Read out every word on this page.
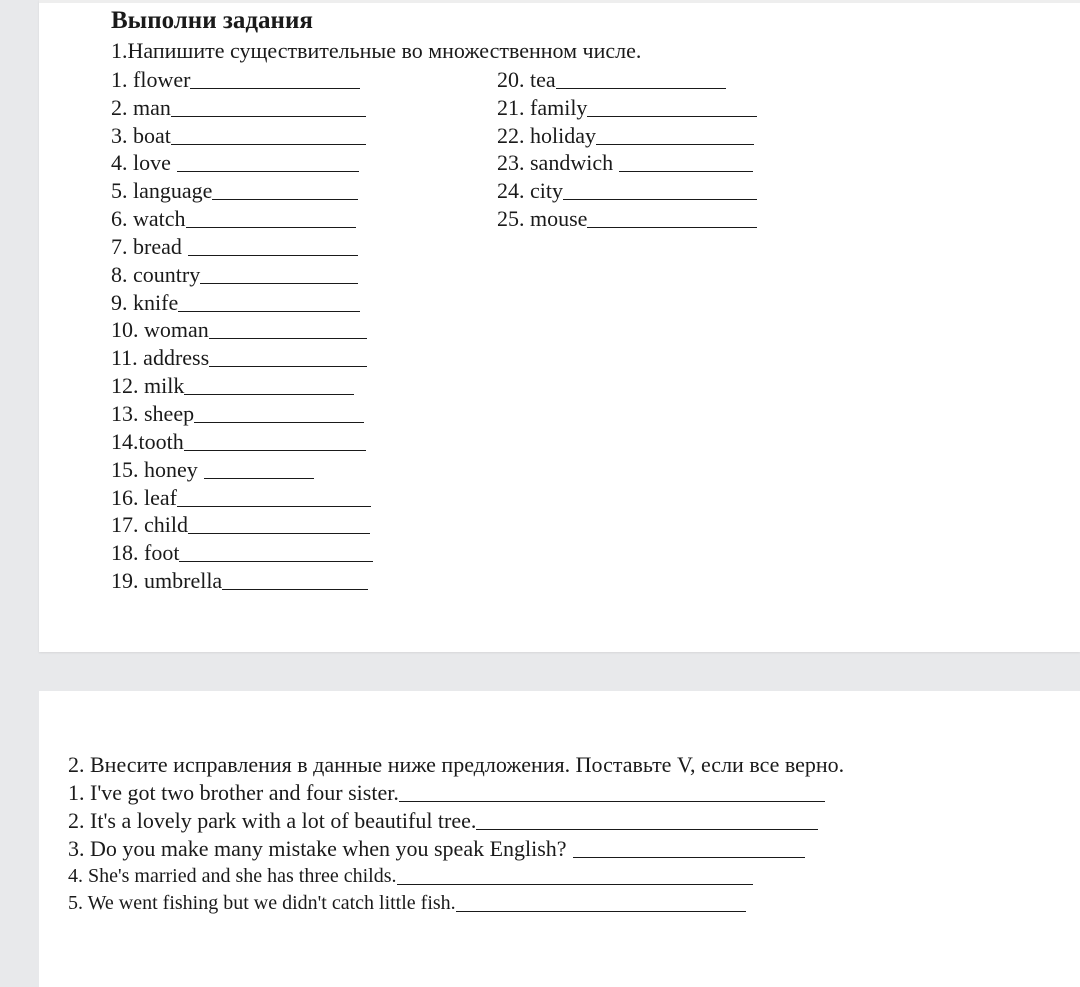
Выполни задания
1.Напишите существительные во множественном числе.
1. flower
2. man
3. boat
4. love
5. language
6. watch
7. bread
8. country
9. knife
10. woman
11. address
12. milk
13. sheep
14.tooth
15. honey
16. leaf
17. child
18. foot
19. umbrella
20. tea
21. family
22. holiday
23. sandwich
24. city
25. mouse
2. Внесите исправления в данные ниже предложения. Поставьте V, если все верно.
1. I've got two brother and four sister.
2. It's a lovely park with a lot of beautiful tree.
3. Do you make many mistake when you speak English?
4. She's married and she has three childs.
5. We went fishing but we didn't catch little fish.
